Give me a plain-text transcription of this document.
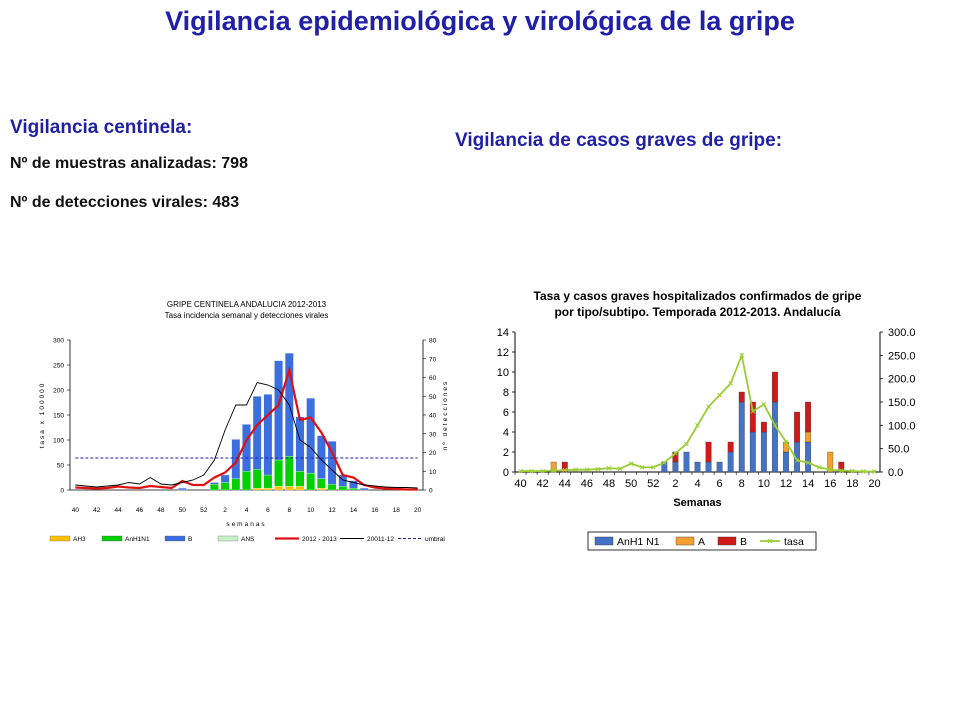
Vigilancia epidemiológica y virológica de la gripe
Vigilancia centinela:
Nº de muestras analizadas: 798
Nº de detecciones virales: 483
Vigilancia de casos graves de gripe:
GRIPE CENTINELA ANDALUCIA 2012-2013
Tasa incidencia semanal y detecciones virales
0
50
100
150
200
250
300
0
10
20
30
40
50
60
70
80
tasa x 100000	nº detecciones
40 42 44 46 48 50 52 2	4	6	8 10 12 14 16 18 20
semanas
AH3	AnH1N1	B	ANS	2012 - 2013	20011-12	umbral
Tasa y casos graves hospitalizados confirmados de gripe
por tipo/subtipo. Temporada 2012-2013. Andalucía
0
2
4
6
8
10
12
14
0.0
50.0
100.0
150.0
200.0
250.0
300.0
40 42 44 46 48 50 52 2 4 6 8 10 12 14 16 18 20
Semanas
AnH1 N1	A	B	tasa
